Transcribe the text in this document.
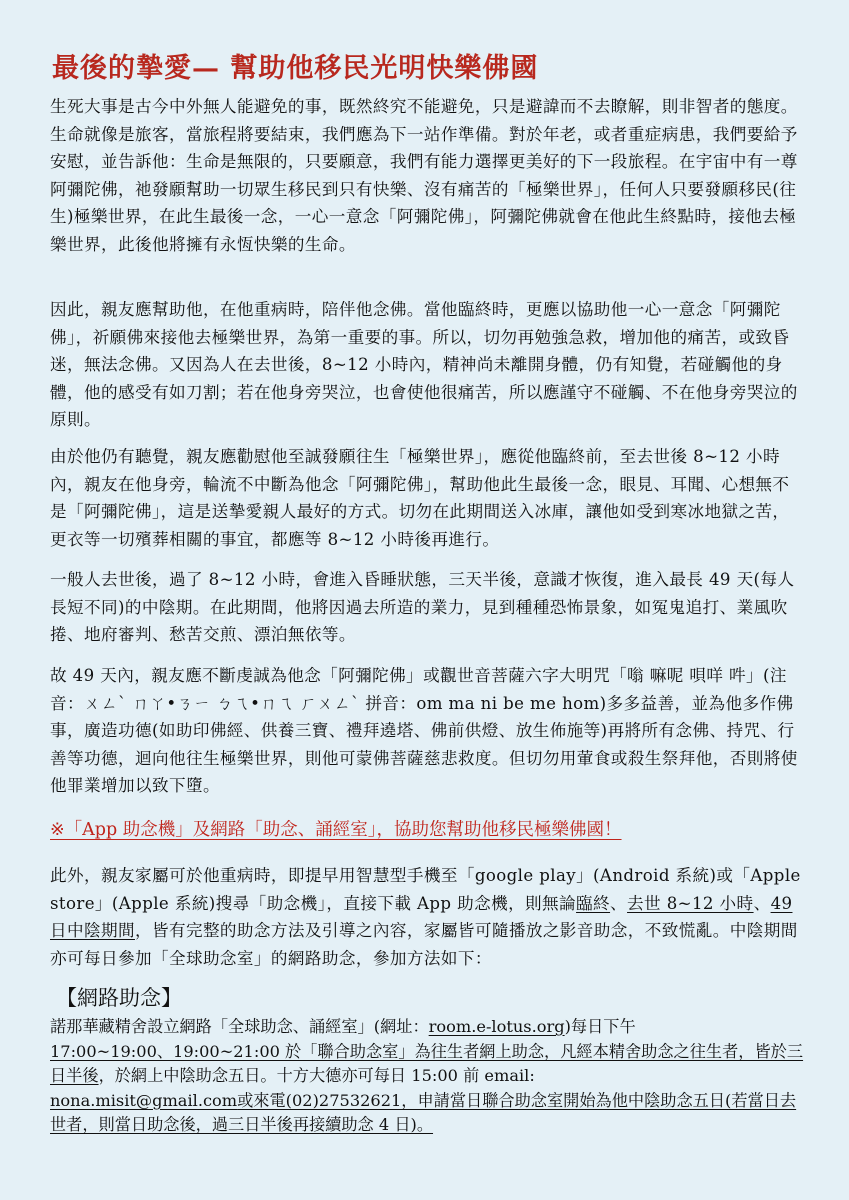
最後的摯愛— 幫助他移民光明快樂佛國

生死大事是古今中外無人能避免的事，既然終究不能避免，只是避諱而不去瞭解，則非智者的態度。生命就像是旅客，當旅程將要結束，我們應為下一站作準備。對於年老，或者重症病患，我們要給予安慰，並告訴他：生命是無限的，只要願意，我們有能力選擇更美好的下一段旅程。在宇宙中有一尊阿彌陀佛，祂發願幫助一切眾生移民到只有快樂、沒有痛苦的「極樂世界」，任何人只要發願移民(往生)極樂世界，在此生最後一念，一心一意念「阿彌陀佛」，阿彌陀佛就會在他此生終點時，接他去極樂世界，此後他將擁有永恆快樂的生命。

因此，親友應幫助他，在他重病時，陪伴他念佛。當他臨終時，更應以協助他一心一意念「阿彌陀佛」，祈願佛來接他去極樂世界，為第一重要的事。所以，切勿再勉強急救，增加他的痛苦，或致昏迷，無法念佛。又因為人在去世後，8~12 小時內，精神尚未離開身體，仍有知覺，若碰觸他的身體，他的感受有如刀割；若在他身旁哭泣，也會使他很痛苦，所以應謹守不碰觸、不在他身旁哭泣的原則。

由於他仍有聽覺，親友應勸慰他至誠發願往生「極樂世界」，應從他臨終前，至去世後 8~12 小時內，親友在他身旁，輪流不中斷為他念「阿彌陀佛」，幫助他此生最後一念，眼見、耳聞、心想無不是「阿彌陀佛」，這是送摯愛親人最好的方式。切勿在此期間送入冰庫，讓他如受到寒冰地獄之苦，更衣等一切殯葬相關的事宜，都應等 8~12 小時後再進行。

一般人去世後，過了 8~12 小時，會進入昏睡狀態，三天半後，意識才恢復，進入最長 49 天(每人長短不同)的中陰期。在此期間，他將因過去所造的業力，見到種種恐怖景象，如冤鬼追打、業風吹捲、地府審判、愁苦交煎、漂泊無依等。

故 49 天內，親友應不斷虔誠為他念「阿彌陀佛」或觀世音菩薩六字大明咒「嗡 嘛呢 唄咩 吽」(注音：ㄨㄥˋ ㄇㄚ•ㄋㄧ ㄅㄟ•ㄇㄟ ㄏㄨㄥˋ 拼音：om ma ni be me hom)多多益善，並為他多作佛事，廣造功德(如助印佛經、供養三寶、禮拜遶塔、佛前供燈、放生佈施等)再將所有念佛、持咒、行善等功德，迴向他往生極樂世界，則他可蒙佛菩薩慈悲救度。但切勿用葷食或殺生祭拜他，否則將使他罪業增加以致下墮。

※「App 助念機」及網路「助念、誦經室」，協助您幫助他移民極樂佛國！

此外，親友家屬可於他重病時，即提早用智慧型手機至「google play」(Android 系統)或「Apple store」(Apple 系統)搜尋「助念機」，直接下載 App 助念機，則無論臨終、去世 8~12 小時、49 日中陰期間，皆有完整的助念方法及引導之內容，家屬皆可隨播放之影音助念，不致慌亂。中陰期間亦可每日參加「全球助念室」的網路助念，參加方法如下：

【網路助念】

諾那華藏精舍設立網路「全球助念、誦經室」(網址：room.e-lotus.org)每日下午
17:00~19:00、19:00~21:00 於「聯合助念室」為往生者網上助念，凡經本精舍助念之往生者，皆於三日半後，於網上中陰助念五日。十方大德亦可每日 15:00 前 email:
nona.misit@gmail.com或來電(02)27532621，申請當日聯合助念室開始為他中陰助念五日(若當日去世者，則當日助念後，過三日半後再接續助念 4 日)。
